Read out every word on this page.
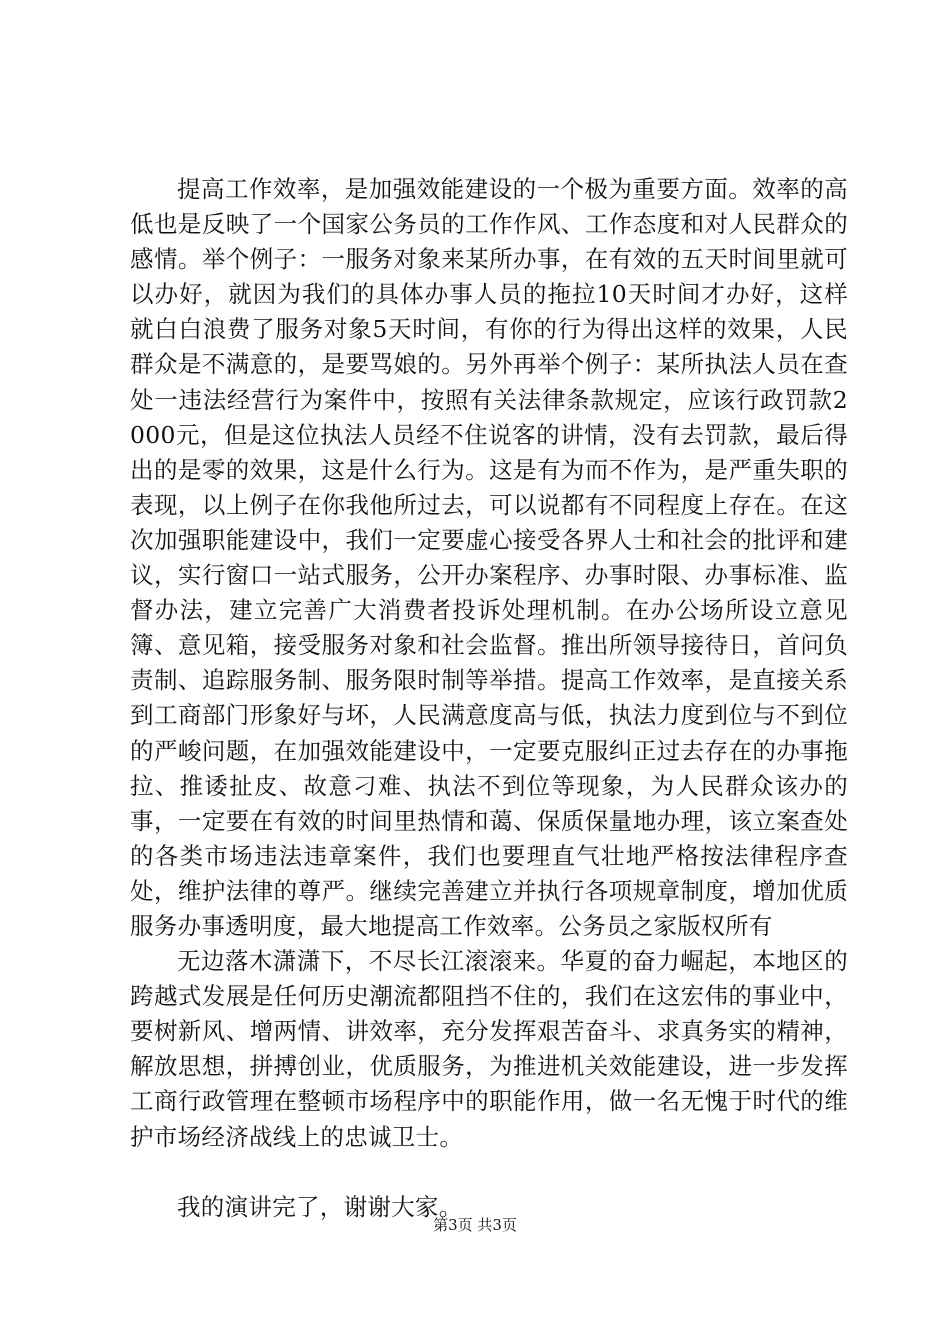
提高工作效率，是加强效能建设的一个极为重要方面。效率的高低也是反映了一个国家公务员的工作作风、工作态度和对人民群众的感情。举个例子：一服务对象来某所办事，在有效的五天时间里就可以办好，就因为我们的具体办事人员的拖拉10天时间才办好，这样就白白浪费了服务对象5天时间，有你的行为得出这样的效果，人民群众是不满意的，是要骂娘的。另外再举个例子：某所执法人员在查处一违法经营行为案件中，按照有关法律条款规定，应该行政罚款2000元，但是这位执法人员经不住说客的讲情，没有去罚款，最后得出的是零的效果，这是什么行为。这是有为而不作为，是严重失职的表现，以上例子在你我他所过去，可以说都有不同程度上存在。在这次加强职能建设中，我们一定要虚心接受各界人士和社会的批评和建议，实行窗口一站式服务，公开办案程序、办事时限、办事标准、监督办法，建立完善广大消费者投诉处理机制。在办公场所设立意见簿、意见箱，接受服务对象和社会监督。推出所领导接待日，首问负责制、追踪服务制、服务限时制等举措。提高工作效率，是直接关系到工商部门形象好与坏，人民满意度高与低，执法力度到位与不到位的严峻问题，在加强效能建设中，一定要克服纠正过去存在的办事拖拉、推诿扯皮、故意刁难、执法不到位等现象，为人民群众该办的事，一定要在有效的时间里热情和蔼、保质保量地办理，该立案查处的各类市场违法违章案件，我们也要理直气壮地严格按法律程序查处，维护法律的尊严。继续完善建立并执行各项规章制度，增加优质服务办事透明度，最大地提高工作效率。公务员之家版权所有

无边落木潇潇下，不尽长江滚滚来。华夏的奋力崛起，本地区的跨越式发展是任何历史潮流都阻挡不住的，我们在这宏伟的事业中，要树新风、增两情、讲效率，充分发挥艰苦奋斗、求真务实的精神，解放思想，拼搏创业，优质服务，为推进机关效能建设，进一步发挥工商行政管理在整顿市场程序中的职能作用，做一名无愧于时代的维护市场经济战线上的忠诚卫士。

我的演讲完了，谢谢大家。

第3页 共3页
